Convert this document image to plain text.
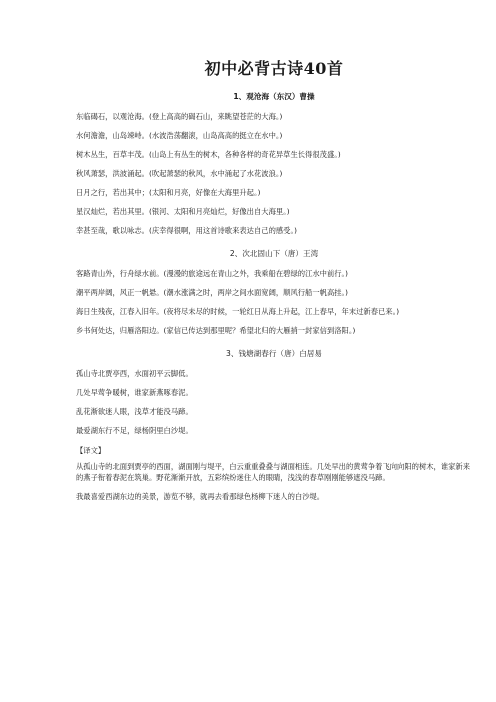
初中必背古诗40首
1、观沧海（东汉）曹操
东临碣石，以观沧海。(登上高高的碣石山，来眺望苍茫的大海。)
水何澹澹，山岛竦峙。(水波浩荡翻滚，山岛高高的挺立在水中。)
树木丛生，百草丰茂。(山岛上有丛生的树木，各种各样的奇花异草生长得很茂盛。)
秋风萧瑟，洪波涌起。(吹起萧瑟的秋风，水中涌起了水花波浪。)
日月之行，若出其中；(太阳和月亮，好像在大海里升起。)
星汉灿烂，若出其里。(银河、太阳和月亮灿烂，好像出自大海里。)
幸甚至哉，歌以咏志。(庆幸得很啊，用这首诗歌来表达自己的感受。)
2、次北固山下（唐）王湾
客路青山外，行舟绿水前。(漫漫的旅途远在青山之外，我乘船在碧绿的江水中前行。)
潮平两岸阔，风正一帆悬。(潮水涨满之时，两岸之间水面宽阔，顺风行船一帆高挂。)
海日生残夜，江春入旧年。(夜将尽未尽的时候，一轮红日从海上升起，江上春早，年末过新春已来。)
乡书何处达，归雁洛阳边。(家信已传达到那里呢？希望北归的大雁捎一封家信到洛阳。)
3、钱塘湖春行（唐）白居易
孤山寺北贾亭西，水面初平云脚低。
几处早莺争暖树，谁家新燕啄春泥。
乱花渐欲迷人眼，浅草才能没马蹄。
最爱湖东行不足，绿杨阴里白沙堤。
【译文】
从孤山寺的北面到贾亭的西面，湖面刚与堤平，白云重重叠叠与湖面相连。几处早出的黄莺争着飞向向阳的树木，谁家新来的燕子衔着春泥在筑巢。野花渐渐开放，五彩缤纷迷住人的眼睛，浅浅的春草刚刚能够遮没马蹄。
我最喜爱西湖东边的美景，游览不够，就再去看那绿色杨柳下迷人的白沙堤。
